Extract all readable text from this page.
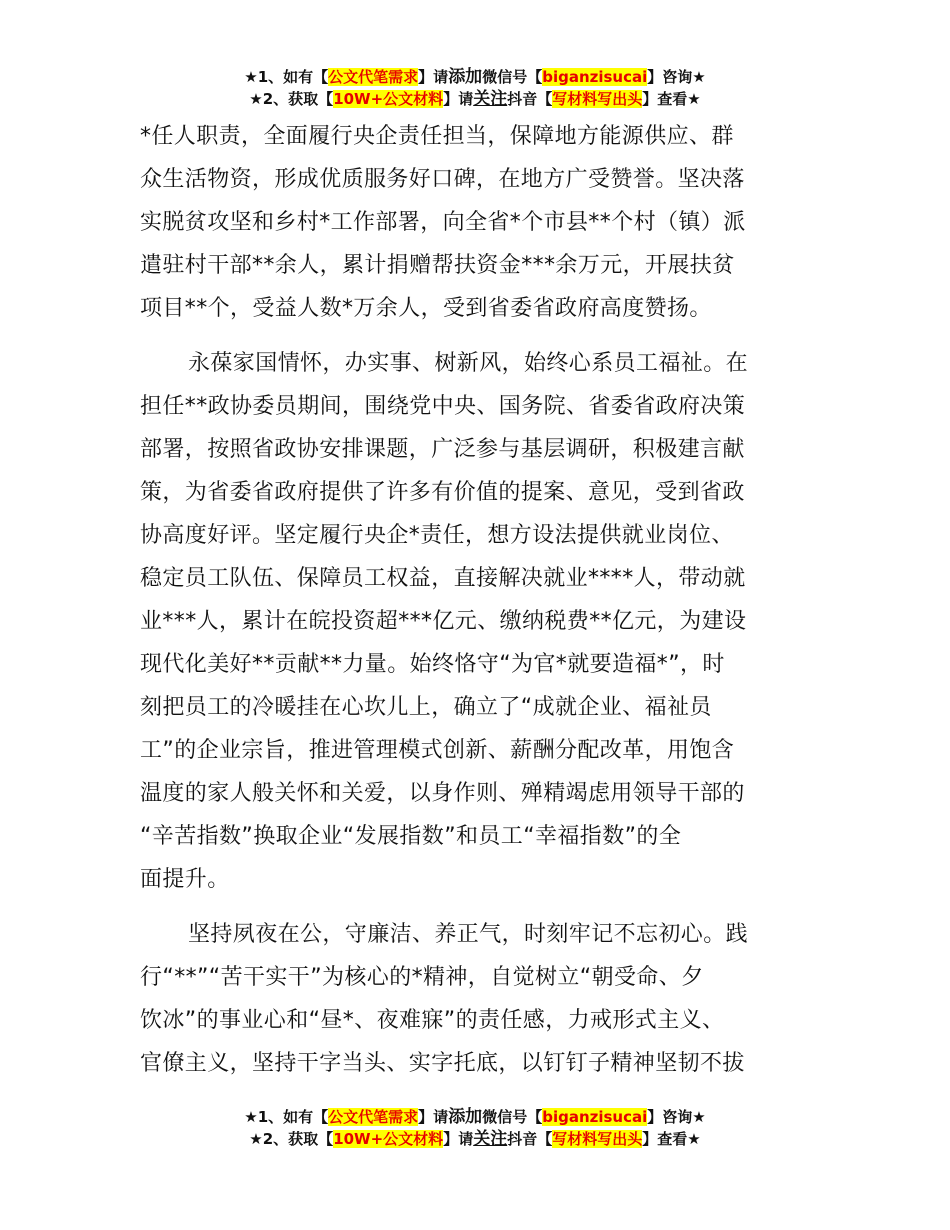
★1、如有【公文代笔需求】请添加微信号【biganzisucai】咨询★
★2、获取【10W+公文材料】请关注抖音【写材料写出头】查看★
*任人职责，全面履行央企责任担当，保障地方能源供应、群
众生活物资，形成优质服务好口碑，在地方广受赞誉。坚决落
实脱贫攻坚和乡村*工作部署，向全省*个市县**个村（镇）派
遣驻村干部**余人，累计捐赠帮扶资金***余万元，开展扶贫
项目**个，受益人数*万余人，受到省委省政府高度赞扬。
永葆家国情怀，办实事、树新风，始终心系员工福祉。在
担任**政协委员期间，围绕党中央、国务院、省委省政府决策
部署，按照省政协安排课题，广泛参与基层调研，积极建言献
策，为省委省政府提供了许多有价值的提案、意见，受到省政
协高度好评。坚定履行央企*责任，想方设法提供就业岗位、
稳定员工队伍、保障员工权益，直接解决就业****人，带动就
业***人，累计在皖投资超***亿元、缴纳税费**亿元，为建设
现代化美好**贡献**力量。始终恪守“为官*就要造福*”，时
刻把员工的冷暖挂在心坎儿上，确立了“成就企业、福祉员
工”的企业宗旨，推进管理模式创新、薪酬分配改革，用饱含
温度的家人般关怀和关爱，以身作则、殚精竭虑用领导干部的
“辛苦指数”换取企业“发展指数”和员工“幸福指数”的全
面提升。
坚持夙夜在公，守廉洁、养正气，时刻牢记不忘初心。践
行“**”“苦干实干”为核心的*精神，自觉树立“朝受命、夕
饮冰”的事业心和“昼*、夜难寐”的责任感，力戒形式主义、
官僚主义，坚持干字当头、实字托底，以钉钉子精神坚韧不拔
★1、如有【公文代笔需求】请添加微信号【biganzisucai】咨询★
★2、获取【10W+公文材料】请关注抖音【写材料写出头】查看★
